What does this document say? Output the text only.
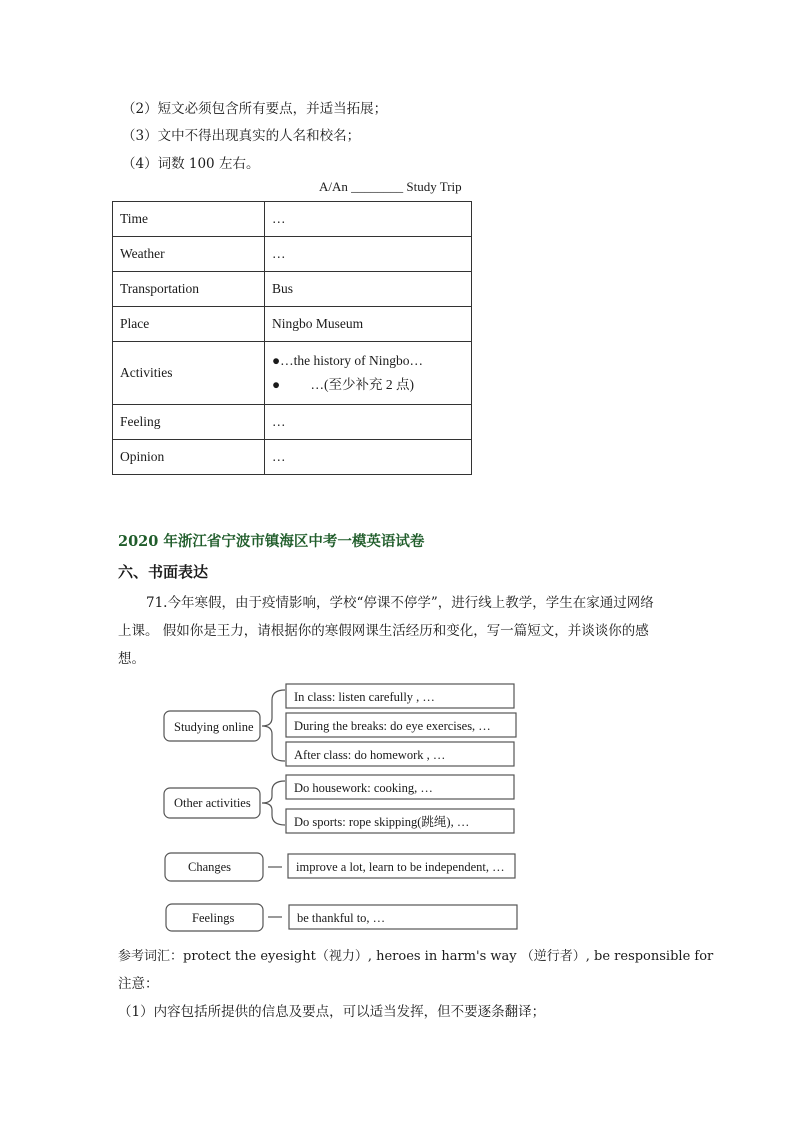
（2）短文必须包含所有要点，并适当拓展；
（3）文中不得出现真实的人名和校名；
（4）词数 100 左右。
A/An ________ Study Trip
Time	…
Weather	…
Transportation	Bus
Place	Ningbo Museum
Activities	●…the history of Ningbo…
●         …(至少补充 2 点)

Feeling	…
Opinion	…
2020 年浙江省宁波市镇海区中考一模英语试卷
六、书面表达
71.今年寒假，由于疫情影响，学校“停课不停学”，进行线上教学，学生在家通过网络
上课。 假如你是王力，请根据你的寒假网课生活经历和变化，写一篇短文，并谈谈你的感
想。
Studying online
In class: listen carefully , …
During the breaks: do eye exercises, …
After class: do homework , …
Other activities
Do housework: cooking, …
Do sports: rope skipping(跳绳), …
Changes	improve a lot, learn to be independent, …
Feelings	be thankful to, …
参考词汇：protect the eyesight（视力）, heroes in harm's way （逆行者）, be responsible for
注意：
（1）内容包括所提供的信息及要点，可以适当发挥，但不要逐条翻译；
